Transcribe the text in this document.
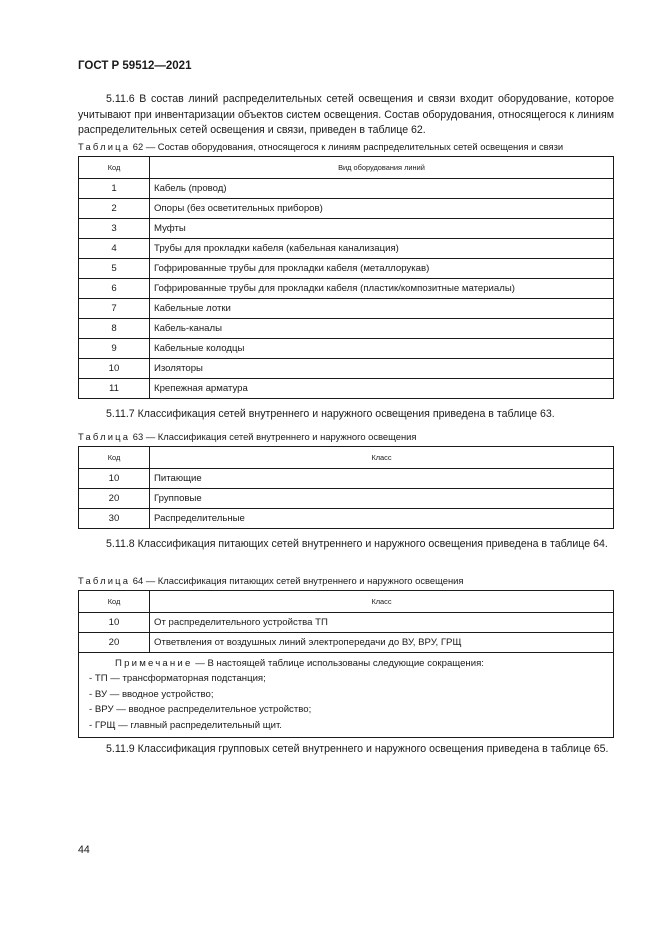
ГОСТ Р 59512—2021

5.11.6 В состав линий распределительных сетей освещения и связи входит оборудование, которое учитывают при инвентаризации объектов систем освещения. Состав оборудования, относящегося к линиям распределительных сетей освещения и связи, приведен в таблице 62.

Таблица 62 — Состав оборудования, относящегося к линиям распределительных сетей освещения и связи
Код	Вид оборудования линий
1	Кабель (провод)
2	Опоры (без осветительных приборов)
3	Муфты
4	Трубы для прокладки кабеля (кабельная канализация)
5	Гофрированные трубы для прокладки кабеля (металлорукав)
6	Гофрированные трубы для прокладки кабеля (пластик/композитные материалы)
7	Кабельные лотки
8	Кабель-каналы
9	Кабельные колодцы
10	Изоляторы
11	Крепежная арматура

5.11.7 Классификация сетей внутреннего и наружного освещения приведена в таблице 63.

Таблица 63 — Классификация сетей внутреннего и наружного освещения
Код	Класс
10	Питающие
20	Групповые
30	Распределительные

5.11.8 Классификация питающих сетей внутреннего и наружного освещения приведена в таблице 64.

Таблица 64 — Классификация питающих сетей внутреннего и наружного освещения
Код	Класс
10	От распределительного устройства ТП
20	Ответвления от воздушных линий электропередачи до ВУ, ВРУ, ГРЩ

Примечание — В настоящей таблице использованы следующие сокращения:
- ТП — трансформаторная подстанция;
- ВУ — вводное устройство;
- ВРУ — вводное распределительное устройство;
- ГРЩ — главный распределительный щит.	

5.11.9 Классификация групповых сетей внутреннего и наружного освещения приведена в таблице 65.

44
